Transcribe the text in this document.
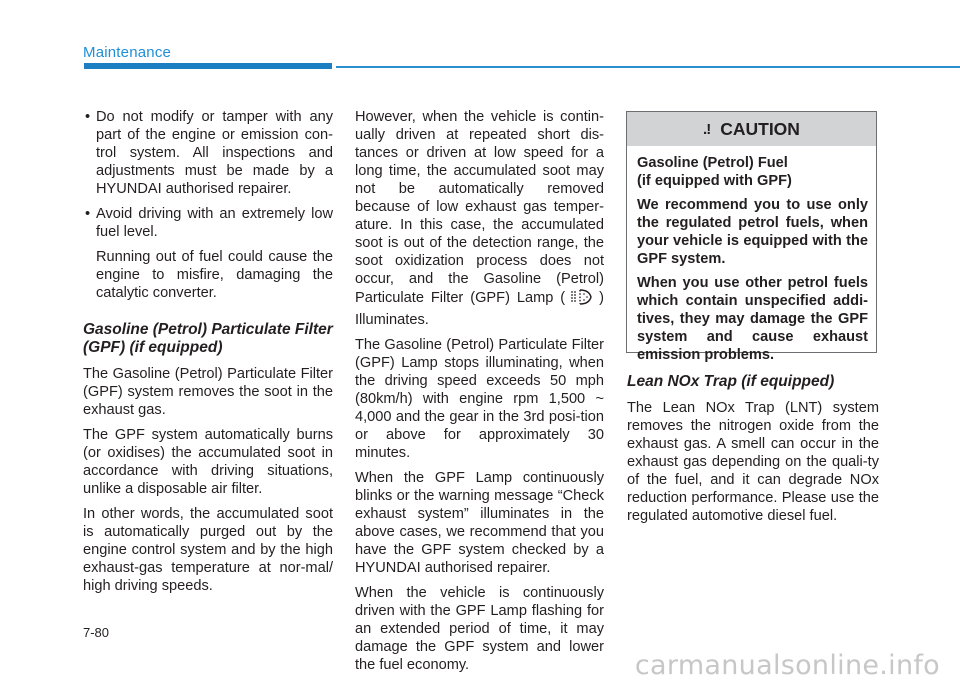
Maintenance
• Do not modify or tamper with any part of the engine or emission con-trol system. All inspections and adjustments must be made by a HYUNDAI authorised repairer.
• Avoid driving with an extremely low fuel level.

Running out of fuel could cause the engine to misfire, damaging the catalytic converter.

Gasoline (Petrol) Particulate Filter (GPF) (if equipped)

The Gasoline (Petrol) Particulate Filter (GPF) system removes the soot in the exhaust gas.

The GPF system automatically burns (or oxidises) the accumulated soot in accordance with driving situations, unlike a disposable air filter.

In other words, the accumulated soot is automatically purged out by the engine control system and by the high exhaust-gas temperature at nor-mal/ high driving speeds.

However, when the vehicle is contin-ually driven at repeated short dis-tances or driven at low speed for a long time, the accumulated soot may not be automatically removed because of low exhaust gas temper-ature. In this case, the accumulated soot is out of the detection range, the soot oxidization process does not occur, and the Gasoline (Petrol) Particulate Filter (GPF) Lamp ( ) Illuminates.

The Gasoline (Petrol) Particulate Filter (GPF) Lamp stops illuminating, when the driving speed exceeds 50 mph (80km/h) with engine rpm 1,500 ~ 4,000 and the gear in the 3rd posi-tion or above for approximately 30 minutes.

When the GPF Lamp continuously blinks or the warning message “Check exhaust system” illuminates in the above cases, we recommend that you have the GPF system checked by a HYUNDAI authorised repairer.

When the vehicle is continuously driven with the GPF Lamp flashing for an extended period of time, it may damage the GPF system and lower the fuel economy.

.! CAUTION

Gasoline (Petrol) Fuel
(if equipped with GPF)

We recommend you to use only the regulated petrol fuels, when your vehicle is equipped with the GPF system.

When you use other petrol fuels which contain unspecified addi-tives, they may damage the GPF system and cause exhaust emission problems.

Lean NOx Trap (if equipped)

The Lean NOx Trap (LNT) system removes the nitrogen oxide from the exhaust gas. A smell can occur in the exhaust gas depending on the quali-ty of the fuel, and it can degrade NOx reduction performance. Please use the regulated automotive diesel fuel.

7-80
carmanualsonline.info
